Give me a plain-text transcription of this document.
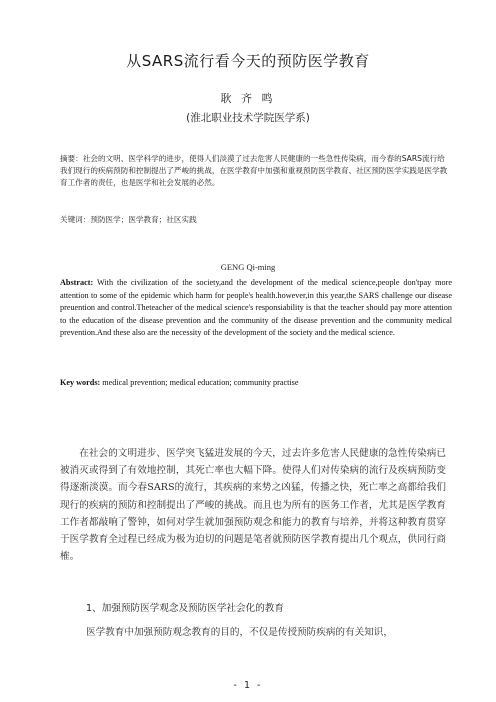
从SARS流行看今天的预防医学教育
耿 齐 鸣
(淮北职业技术学院医学系)

摘要：社会的文明、医学科学的进步，使得人们淡漠了过去危害人民健康的一些急性传染病，而今春的SARS流行给我们现行的疾病预防和控制提出了严峻的挑战，在医学教育中加强和重视预防医学教育、社区预防医学实践是医学教育工作者的责任，也是医学和社会发展的必然。

关键词：预防医学；医学教育；社区实践
GENG Qi-ming

Abstract: With the civilization of the society,and the development of the medical science,people don'tpay more attention to some of the epidemic which harm for people's health.however,in this year,the SARS challenge our disease preuention and control.Theteacher of the medical science's responsiability is that the teacher should pay more attention to the education of the disease prevention and the community of the disease prevention and the community medical prevention.And these also are the necessity of the development of the society and the medical science.

Key words: medical prevention; medical education; community practise

在社会的文明进步、医学突飞猛进发展的今天，过去许多危害人民健康的急性传染病已被消灭或得到了有效地控制，其死亡率也大幅下降。使得人们对传染病的流行及疾病预防变得逐渐淡漠。而今春SARS的流行，其疾病的来势之凶猛，传播之快，死亡率之高都给我们现行的疾病的预防和控制提出了严峻的挑战。而且也为所有的医务工作者，尤其是医学教育工作者都敲响了警钟，如何对学生就加强预防观念和能力的教育与培养，并将这种教育贯穿于医学教育全过程已经成为极为迫切的问题是笔者就预防医学教育提出几个观点，供同行商榷。

1、加强预防医学观念及预防医学社会化的教育
医学教育中加强预防观念教育的目的，不仅是传授预防疾病的有关知识，
- 1 -
